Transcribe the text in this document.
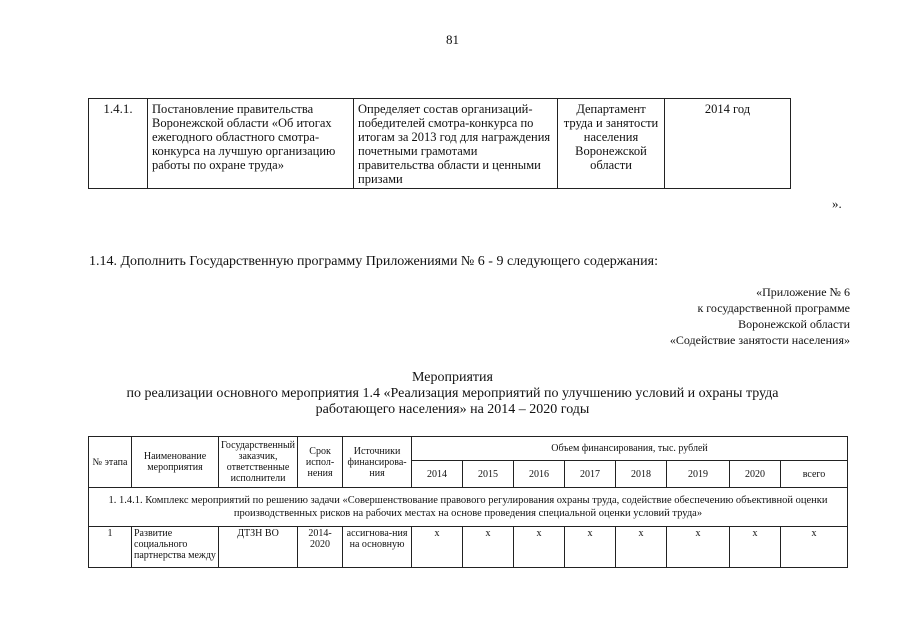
81
1.4.1.	Постановление правительства Воронежской области «Об итогах ежегодного областного смотра-конкурса на лучшую организацию работы по охране труда»	Определяет состав организаций-победителей смотра-конкурса по итогам за 2013 год для награждения почетными грамотами правительства области и ценными призами	Департамент труда и занятости населения Воронежской области	2014 год
».
1.14. Дополнить Государственную программу Приложениями № 6 - 9 следующего содержания:
«Приложение № 6
к государственной программе
Воронежской области
«Содействие занятости населения»
Мероприятия
по реализации основного мероприятия 1.4 «Реализация мероприятий по улучшению условий и охраны труда
работающего населения» на 2014 – 2020 годы
№ этапа	Наименование мероприятия	Государственный заказчик, ответственные исполнители	Срок испол-нения	Источники финансирова-ния	Объем финансирования, тыс. рублей							
					2014	2015	2016	2017	2018	2019	2020	всего
1. 1.4.1. Комплекс мероприятий по решению задачи «Совершенствование правового регулирования охраны труда, содействие обеспечению объективной оценки производственных рисков на рабочих местах на основе проведения специальной оценки условий труда»												
1	Развитие социального партнерства между	ДТЗН ВО	2014-2020	ассигнова-ния на основную	х	х	х	х	х	х	х	х
